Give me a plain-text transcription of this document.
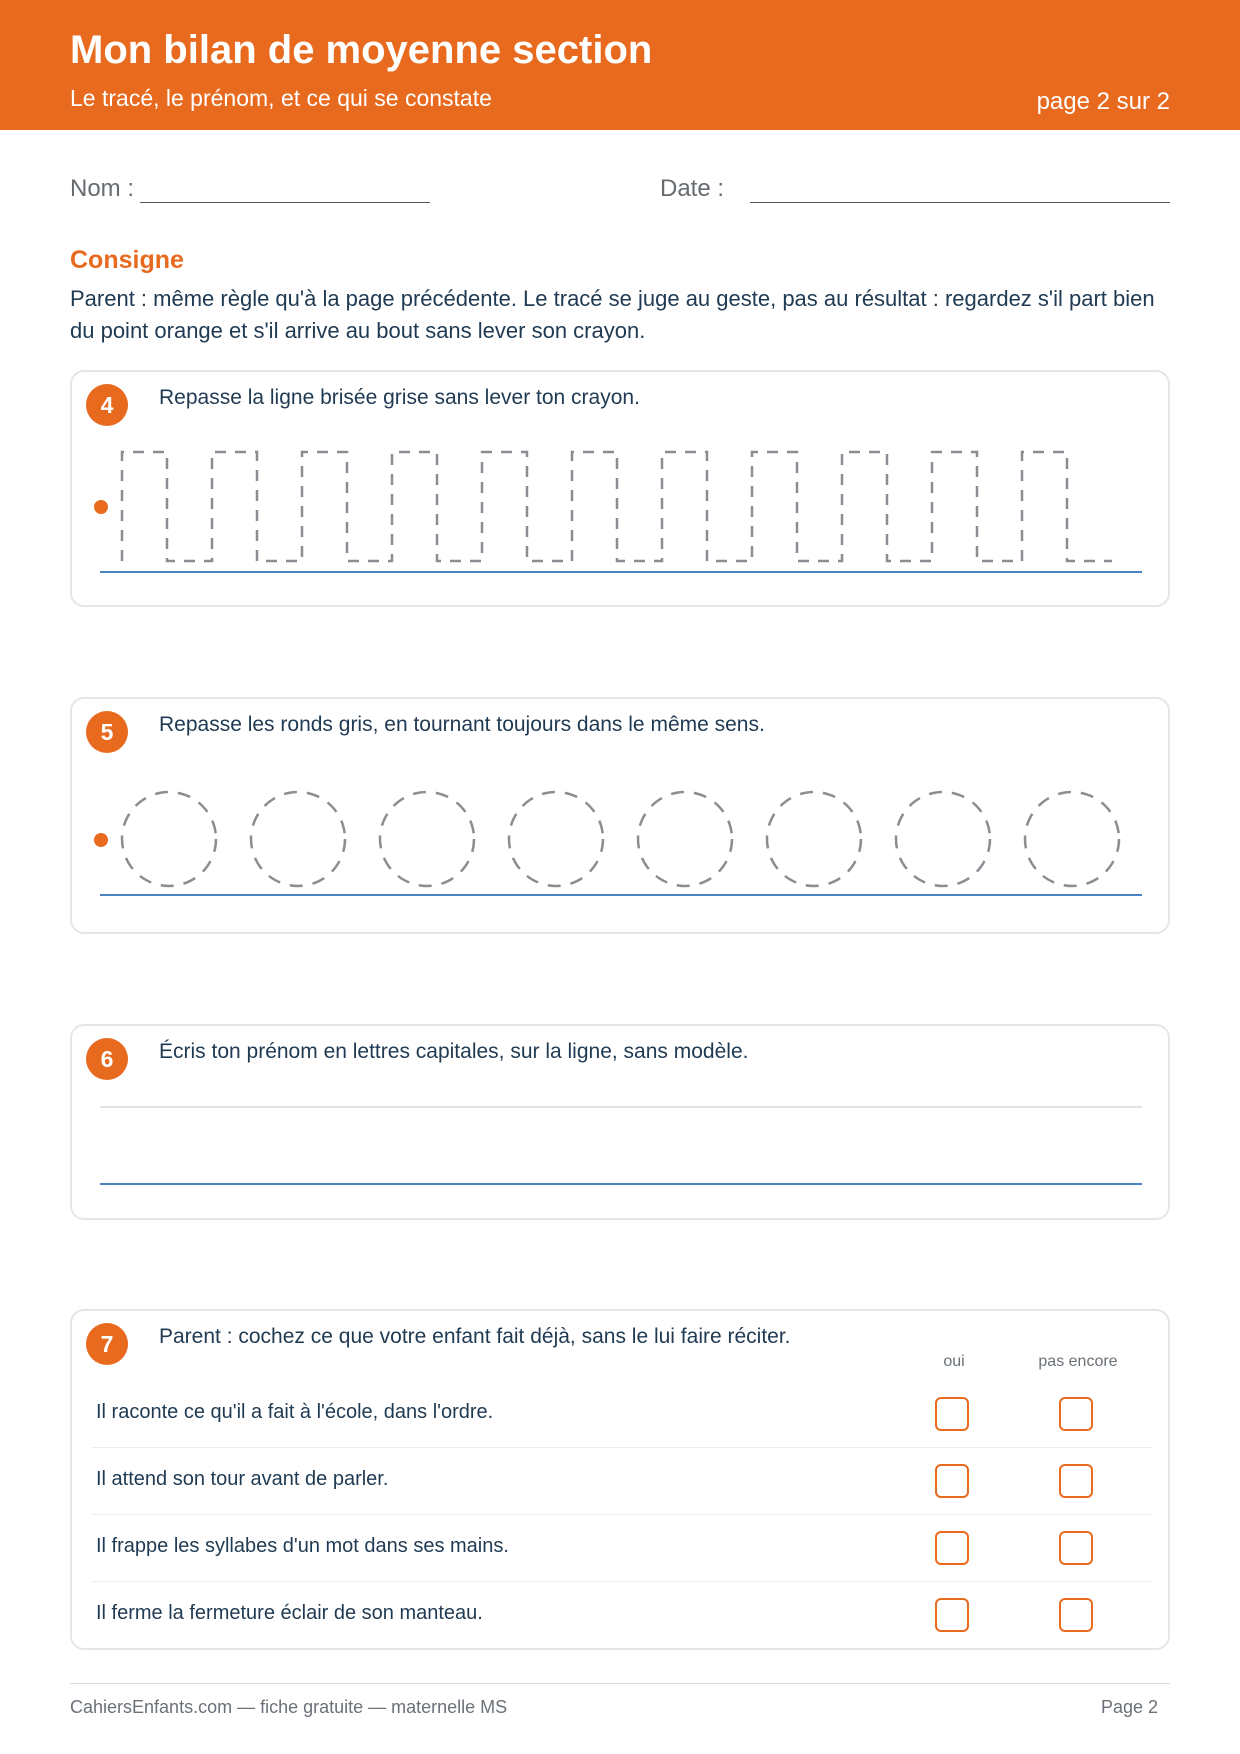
Mon bilan de moyenne section
Le tracé, le prénom, et ce qui se constate	page 2 sur 2
Nom :	Date :
Consigne
Parent : même règle qu'à la page précédente. Le tracé se juge au geste, pas au résultat : regardez s'il part bien du point orange et s'il arrive au bout sans lever son crayon.
4	Repasse la ligne brisée grise sans lever ton crayon.
5	Repasse les ronds gris, en tournant toujours dans le même sens.
6	Écris ton prénom en lettres capitales, sur la ligne, sans modèle.
7	Parent : cochez ce que votre enfant fait déjà, sans le lui faire réciter.
oui	pas encore
Il raconte ce qu'il a fait à l'école, dans l'ordre.
Il attend son tour avant de parler.
Il frappe les syllabes d'un mot dans ses mains.
Il ferme la fermeture éclair de son manteau.
CahiersEnfants.com — fiche gratuite — maternelle MS	Page 2
